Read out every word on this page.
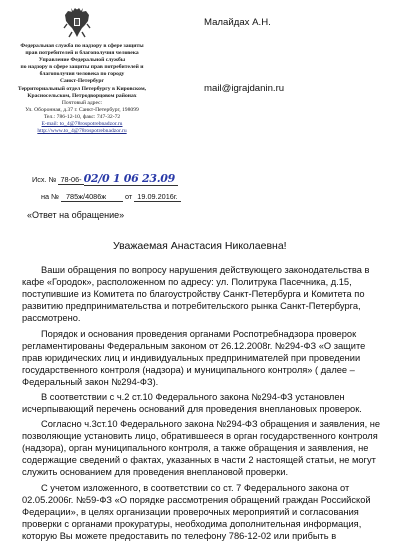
Федеральная служба по надзору в сфере защиты
прав потребителей и благополучия человека
Управление Федеральной службы
по надзору в сфере защиты прав потребителей и
благополучия человека по городу
Санкт-Петербург
Территориальный отдел Петербургу в Кировском,
Красносельском, Петродворцовом районах
Почтовый адрес:
Ул. Оборонная, д.37 г. Санкт-Петербург, 198099
Тел.: 786-12-10, факс: 747-32-72
E-mail: to_4@78rospotrebnadzor.ru
http://www.to_4@78rospotrebnadzor.ru
Малайдах А.Н.
mail@igrajdanin.ru
Исх. № 78-06- 02/0 1 06 23.09
на № 785ж/4086ж	от 19.09.2016г.
«Ответ на обращение»
Уважаемая Анастасия Николаевна!
Ваши обращения по вопросу нарушения действующего законодательства в
кафе «Городок», расположенном по адресу: ул. Политрука Пасечника, д.15,
поступившие из Комитета по благоустройству Санкт-Петербурга и Комитета по
развитию предпринимательства и потребительского рынка Санкт-Петербурга,
рассмотрено.
Порядок и основания проведения органами Роспотребнадзора проверок
регламентированы Федеральным законом от 26.12.2008г. №294-ФЗ «О защите
прав юридических лиц и индивидуальных предпринимателей при проведении
государственного контроля (надзора) и муниципального контроля» ( далее –
Федеральный закон №294-ФЗ).
В соответствии с ч.2 ст.10 Федерального закона №294-ФЗ установлен
исчерпывающий перечень оснований для проведения внеплановых проверок.
Согласно ч.3ст.10 Федерального закона №294-ФЗ обращения и заявления, не
позволяющие установить лицо, обратившееся в орган государственного контроля
(надзора), орган муниципального контроля, а также обращения и заявления, не
содержащие сведений о фактах, указанных в части 2 настоящей статьи, не могут
служить основанием для проведения внеплановой проверки.
С учетом изложенного, в соответствии со ст. 7 Федерального закона от
02.05.2006г. №59-ФЗ «О порядке рассмотрения обращений граждан Российской
Федерации», в целях организации проверочных мероприятий и согласования
проверки с органами прокуратуры, необходима дополнительная информация,
которую Вы можете предоставить по телефону 786-12-02 или прибыть в
